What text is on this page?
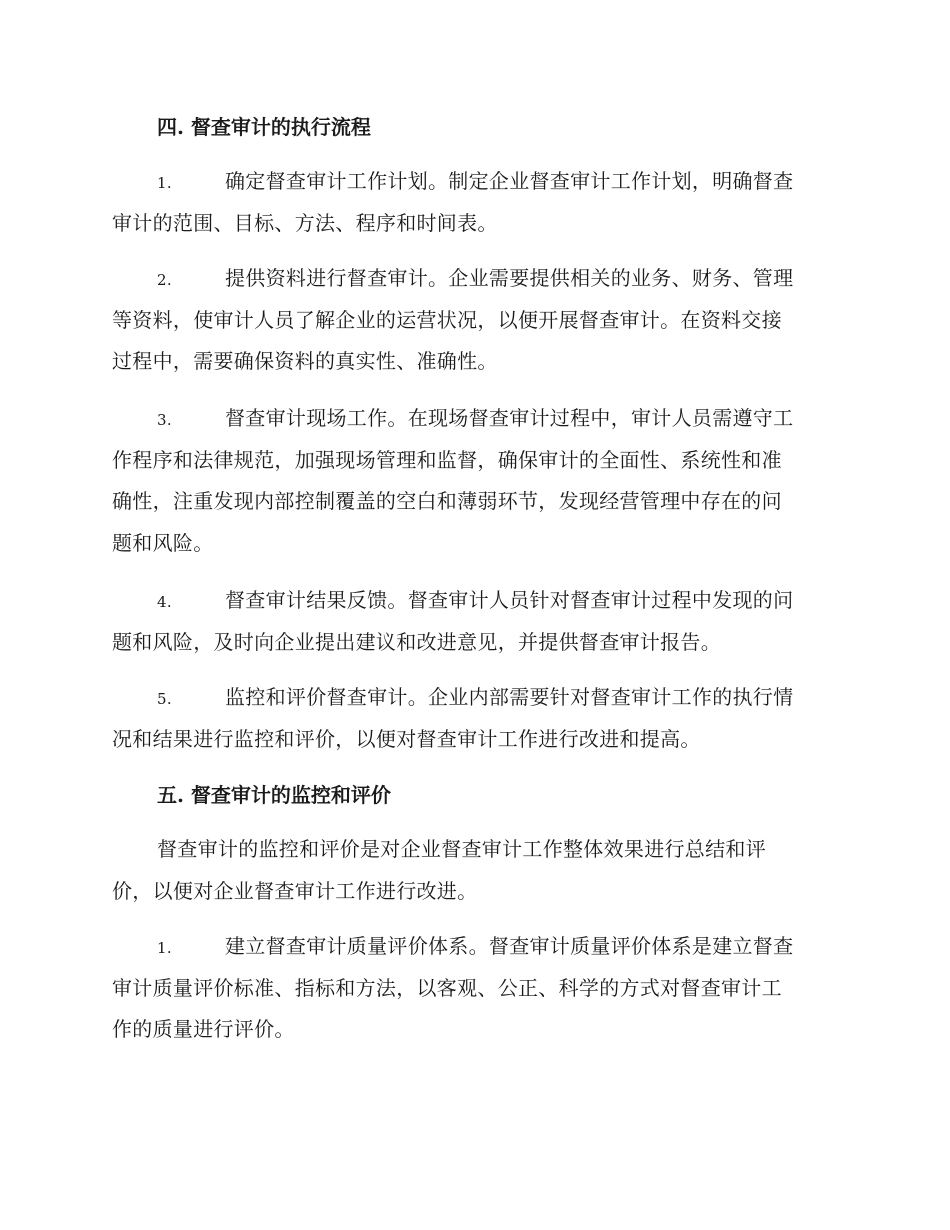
四. 督查审计的执行流程

1.	确定督查审计工作计划。制定企业督查审计工作计划，明确督查
审计的范围、目标、方法、程序和时间表。

2.	提供资料进行督查审计。企业需要提供相关的业务、财务、管理
等资料，使审计人员了解企业的运营状况，以便开展督查审计。在资料交接
过程中，需要确保资料的真实性、准确性。

3.	督查审计现场工作。在现场督查审计过程中，审计人员需遵守工
作程序和法律规范，加强现场管理和监督，确保审计的全面性、系统性和准
确性，注重发现内部控制覆盖的空白和薄弱环节，发现经营管理中存在的问
题和风险。

4.	督查审计结果反馈。督查审计人员针对督查审计过程中发现的问
题和风险，及时向企业提出建议和改进意见，并提供督查审计报告。

5.	监控和评价督查审计。企业内部需要针对督查审计工作的执行情
况和结果进行监控和评价，以便对督查审计工作进行改进和提高。

五. 督查审计的监控和评价

督查审计的监控和评价是对企业督查审计工作整体效果进行总结和评
价，以便对企业督查审计工作进行改进。

1.	建立督查审计质量评价体系。督查审计质量评价体系是建立督查
审计质量评价标准、指标和方法，以客观、公正、科学的方式对督查审计工
作的质量进行评价。
